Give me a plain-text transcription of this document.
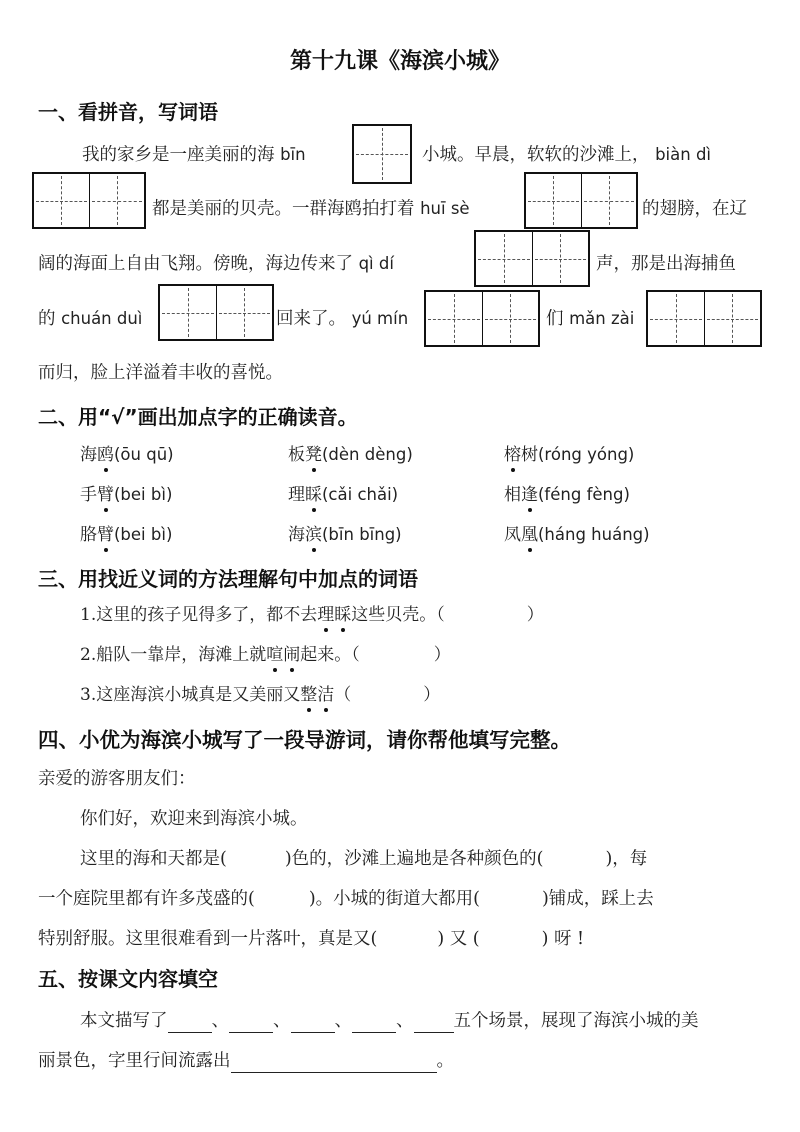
第十九课《海滨小城》
一、看拼音，写词语
我的家乡是一座美丽的海 bīn	小城。早晨，软软的沙滩上， biàn dì
都是美丽的贝壳。一群海鸥拍打着 huī sè	的翅膀，在辽
阔的海面上自由飞翔。傍晚，海边传来了 qì dí	声，那是出海捕鱼
的 chuán duì	回来了。 yú mín	们 mǎn zài
而归，脸上洋溢着丰收的喜悦。
二、用“√”画出加点字的正确读音。
海鸥(ōu qū)	板凳(dèn dèng)	榕树(róng yóng)
手臂(bei bì)	理睬(cǎi chǎi)	相逢(féng fèng)
胳臂(bei bì)	海滨(bīn bīng)	凤凰(háng huáng)
三、用找近义词的方法理解句中加点的词语
1.这里的孩子见得多了，都不去理睬这些贝壳。（	）
2.船队一靠岸，海滩上就喧闹起来。（	）
3.这座海滨小城真是又美丽又整洁（	）
四、小优为海滨小城写了一段导游词，请你帮他填写完整。
亲爱的游客朋友们：
你们好，欢迎来到海滨小城。
这里的海和天都是(	)色的，沙滩上遍地是各种颜色的(	)，每
一个庭院里都有许多茂盛的(	)。小城的街道大都用(	)铺成，踩上去
特别舒服。这里很难看到一片落叶，真是又(	) 又 (	) 呀 !
五、按课文内容填空
本文描写了	、	、	、	、 五个场景，展现了海滨小城的美
丽景色，字里行间流露出	。
